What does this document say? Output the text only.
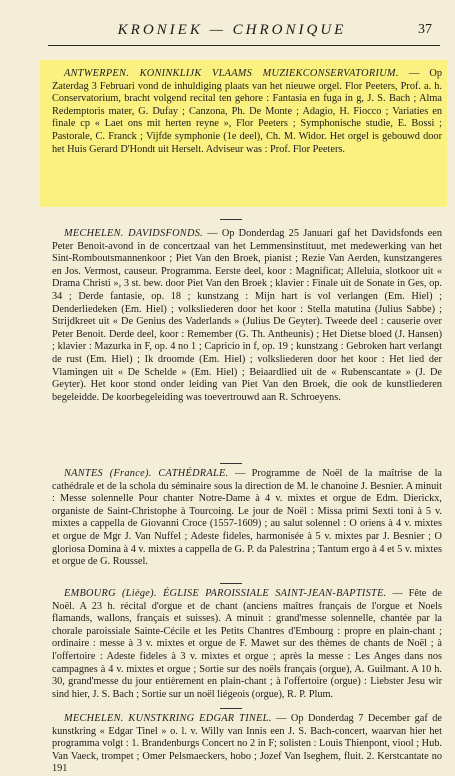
KRONIEK — CHRONIQUE	37
ANTWERPEN. KONINKLIJK VLAAMS MUZIEKCONSERVATORIUM. — Op Zaterdag 3 Februari vond de inhuldiging plaats van het nieuwe orgel. Flor Peeters, Prof. a. h. Conservatorium, bracht volgend recital ten gehore : Fantasia en fuga in g, J. S. Bach ; Alma Redemptoris mater, G. Dufay ; Canzona, Ph. De Monte ; Adagio, H. Fiocco ; Variaties en finale cp « Laet ons mit herten reyne », Flor Peeters ; Symphonische studie, E. Bossi ; Pastorale, C. Franck ; Vijfde symphonie (1e deel), Ch. M. Widor. Het orgel is gebouwd door het Huis Gerard D'Hondt uit Herselt. Adviseur was : Prof. Flor Peeters.
MECHELEN. DAVIDSFONDS. — Op Donderdag 25 Januari gaf het Davidsfonds een Peter Benoit-avond in de concertzaal van het Lemmensinstituut, met medewerking van het Sint-Romboutsmannenkoor ; Piet Van den Broek, pianist ; Rezie Van Aerden, kunstzangeres en Jos. Vermost, causeur. Programma. Eerste deel, koor : Magnificat; Alleluia, slotkoor uit « Drama Christi », 3 st. bew. door Piet Van den Broek ; klavier : Finale uit de Sonate in Ges, op. 34 ; Derde fantasie, op. 18 ; kunstzang : Mijn hart is vol verlangen (Em. Hiel) ; Denderliedeken (Em. Hiel) ; volksliederen door het koor : Stella matutina (Julius Sabbe) ; Strijdkreet uit « De Genius des Vaderlands » (Julius De Geyter). Tweede deel : causerie over Peter Benoit. Derde deel, koor : Remember (G. Th. Antheunis) ; Het Dietse bloed (J. Hansen) ; klavier : Mazurka in F, op. 4 no 1 ; Capricio in f, op. 19 ; kunstzang : Gebroken hart verlangt de rust (Em. Hiel) ; Ik droomde (Em. Hiel) ; volksliederen door het koor : Het lied der Vlamingen uit « De Schelde » (Em. Hiel) ; Beiaardlied uit de « Rubenscantate » (J. De Geyter). Het koor stond onder leiding van Piet Van den Broek, die ook de kunstliederen begeleidde. De koorbegeleiding was toevertrouwd aan R. Schroeyens.
NANTES (France). CATHÉDRALE. — Programme de Noël de la maîtrise de la cathédrale et de la schola du séminaire sous la direction de M. le chanoine J. Besnier. A minuit : Messe solennelle Pour chanter Notre-Dame à 4 v. mixtes et orgue de Edm. Dierickx, organiste de Saint-Christophe à Tourcoing. Le jour de Noël : Missa primi Sexti toni à 5 v. mixtes a cappella de Giovanni Croce (1557-1609) ; au salut solennel : O oriens à 4 v. mixtes et orgue de Mgr J. Van Nuffel ; Adeste fideles, harmonisée à 5 v. mixtes par J. Besnier ; O gloriosa Domina à 4 v. mixtes a cappella de G. P. da Palestrina ; Tantum ergo à 4 et 5 v. mixtes et orgue de G. Roussel.
EMBOURG (Liège). ÉGLISE PAROISSIALE SAINT-JEAN-BAPTISTE. — Fête de Noël. A 23 h. récital d'orgue et de chant (anciens maîtres français de l'orgue et Noels flamands, wallons, français et suisses). A minuit : grand'messe solennelle, chantée par la chorale paroissiale Sainte-Cécile et les Petits Chantres d'Embourg : propre en plain-chant ; ordinaire : messe à 3 v. mixtes et orgue de F. Mawet sur des thèmes de chants de Noël ; à l'offertoire : Adeste fideles à 3 v. mixtes et orgue ; après la messe : Les Anges dans nos campagnes à 4 v. mixtes et orgue ; Sortie sur des noëls français (orgue), A. Guilmant. A 10 h. 30, grand'messe du jour entièrement en plain-chant ; à l'offertoire (orgue) : Liebster Jesu wir sind hier, J. S. Bach ; Sortie sur un noël liégeois (orgue), R. P. Plum.
MECHELEN. KUNSTKRING EDGAR TINEL. — Op Donderdag 7 December gaf de kunstkring « Edgar Tinel » o. l. v. Willy van Innis een J. S. Bach-concert, waarvan hier het programma volgt : 1. Brandenburgs Concert no 2 in F; solisten : Louis Thienpont, viool ; Hub. Van Vaeck, trompet ; Omer Pelsmaeckers, hobo ; Jozef Van Iseghem, fluit. 2. Kerstcantate no 191
